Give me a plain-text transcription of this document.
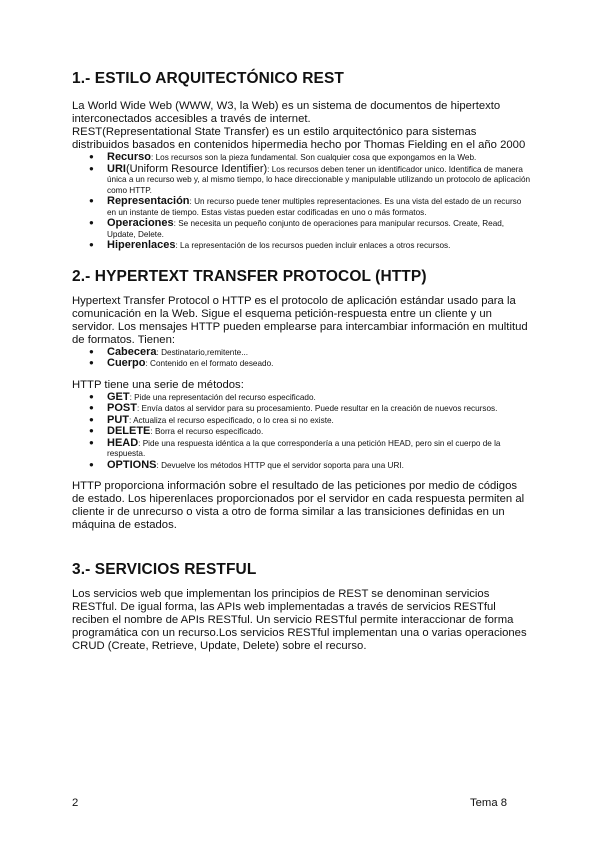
1.- ESTILO ARQUITECTÓNICO REST

La World Wide Web (WWW, W3, la Web) es un sistema de documentos de hipertexto interconectados accesibles a través de internet.

REST(Representational State Transfer) es un estilo arquitectónico para sistemas distribuidos basados en contenidos hipermedia hecho por Thomas Fielding en el año 2000

● Recurso: Los recursos son la pieza fundamental. Son cualquier cosa que expongamos en la Web.
● URI(Uniform Resource Identifier): Los recursos deben tener un identificador unico. Identifica de manera única a un recurso web y, al mismo tiempo, lo hace direccionable y manipulable utilizando un protocolo de aplicación como HTTP.
● Representación: Un recurso puede tener multiples representaciones. Es una vista del estado de un recurso en un instante de tiempo. Estas vistas pueden estar codificadas en uno o más formatos.
● Operaciones: Se necesita un pequeño conjunto de operaciones para manipular recursos. Create, Read, Update, Delete.
● Hiperenlaces: La representación de los recursos pueden incluir enlaces a otros recursos.
2.- HYPERTEXT TRANSFER PROTOCOL (HTTP)

Hypertext Transfer Protocol o HTTP es el protocolo de aplicación estándar usado para la comunicación en la Web. Sigue el esquema petición-respuesta entre un cliente y un servidor. Los mensajes HTTP pueden emplearse para intercambiar información en multitud de formatos. Tienen:

● Cabecera: Destinatario,remitente...
● Cuerpo: Contenido en el formato deseado.

HTTP tiene una serie de métodos:

● GET: Pide una representación del recurso especificado.
● POST: Envía datos al servidor para su procesamiento. Puede resultar en la creación de nuevos recursos.
● PUT: Actualiza el recurso especificado, o lo crea si no existe.
● DELETE: Borra el recurso especificado.
● HEAD: Pide una respuesta idéntica a la que correspondería a una petición HEAD, pero sin el cuerpo de la respuesta.
● OPTIONS: Devuelve los métodos HTTP que el servidor soporta para una URI.

HTTP proporciona información sobre el resultado de las peticiones por medio de códigos de estado. Los hiperenlaces proporcionados por el servidor en cada respuesta permiten al cliente ir de unrecurso o vista a otro de forma similar a las transiciones definidas en un máquina de estados.

3.- SERVICIOS RESTFUL

Los servicios web que implementan los principios de REST se denominan servicios RESTful. De igual forma, las APIs web implementadas a través de servicios RESTful reciben el nombre de APIs RESTful. Un servicio RESTful permite interaccionar de forma programática con un recurso.Los servicios RESTful implementan una o varias operaciones CRUD (Create, Retrieve, Update, Delete) sobre el recurso.

2	Tema 8
